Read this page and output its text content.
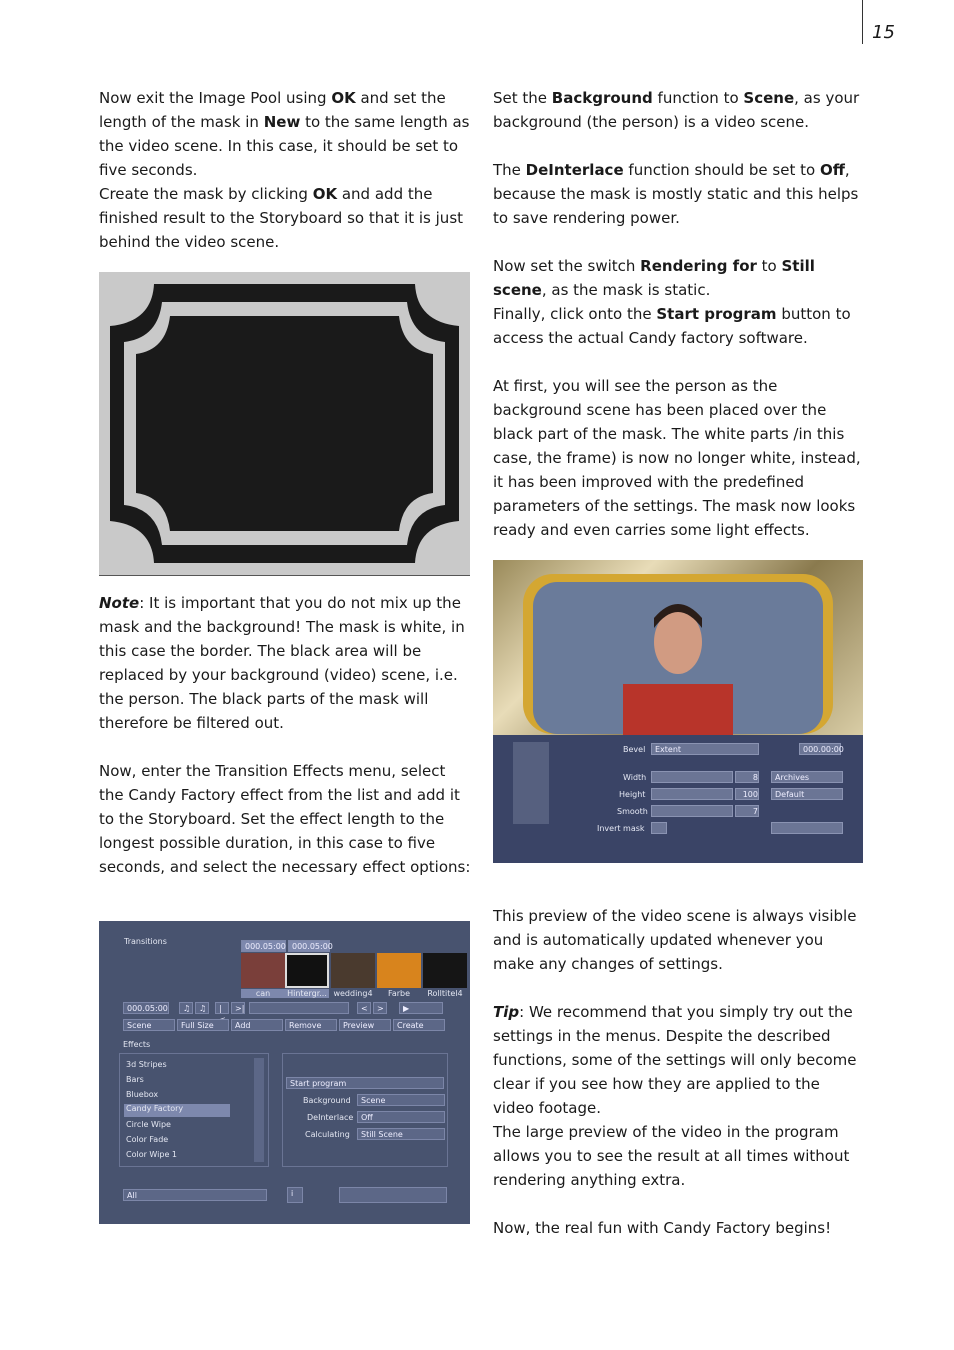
15

Now exit the Image Pool using OK and set the length of the mask in New to the same length as the video scene. In this case, it should be set to five seconds.

Create the mask by clicking OK and add the finished result to the Storyboard so that it is just behind the video scene.

Note: It is important that you do not mix up the mask and the background! The mask is white, in this case the border. The black area will be replaced by your background (video) scene, i.e. the person. The black parts of the mask will therefore be filtered out.

Now, enter the Transition Effects menu, select the Candy Factory effect from the list and add it to the Storyboard. Set the effect length to the longest possible duration, in this case to five seconds, and select the necessary effect options:

Transitions
000.05:00 000.05:00
can	Hintergr... wedding4	Farbe	Rolltitel4
000.05:00	♫	♫	|	>|	<	>	▶
Scene	Full Size	Add	Remove	Preview	Create
Effects
3d Stripes
Bars
Bluebox
Candy Factory
Circle Wipe
Color Fade
Color Wipe 1
Start program
Background	Scene
DeInterlace Off
Calculating	Still Scene
All	i

Set the Background function to Scene, as your background (the person) is a video scene.

The DeInterlace function should be set to Off, because the mask is mostly static and this helps to save rendering power.

Now set the switch Rendering for to Still scene, as the mask is static.

Finally, click onto the Start program button to access the actual Candy factory software.

At first, you will see the person as the background scene has been placed over the black part of the mask. The white parts /in this case, the frame) is now no longer white, instead, it has been improved with the predefined parameters of the settings. The mask now looks ready and even carries some light effects.

Bevel	Extent	000.00:00
Width	8
Height	100
Smooth	7
Invert mask
Archives
Default

This preview of the video scene is always visible and is automatically updated whenever you make any changes of settings.

Tip: We recommend that you simply try out the settings in the menus. Despite the described functions, some of the settings will only become clear if you see how they are applied to the video footage.

The large preview of the video in the program allows you to see the result at all times without rendering anything extra.

Now, the real fun with Candy Factory begins!
